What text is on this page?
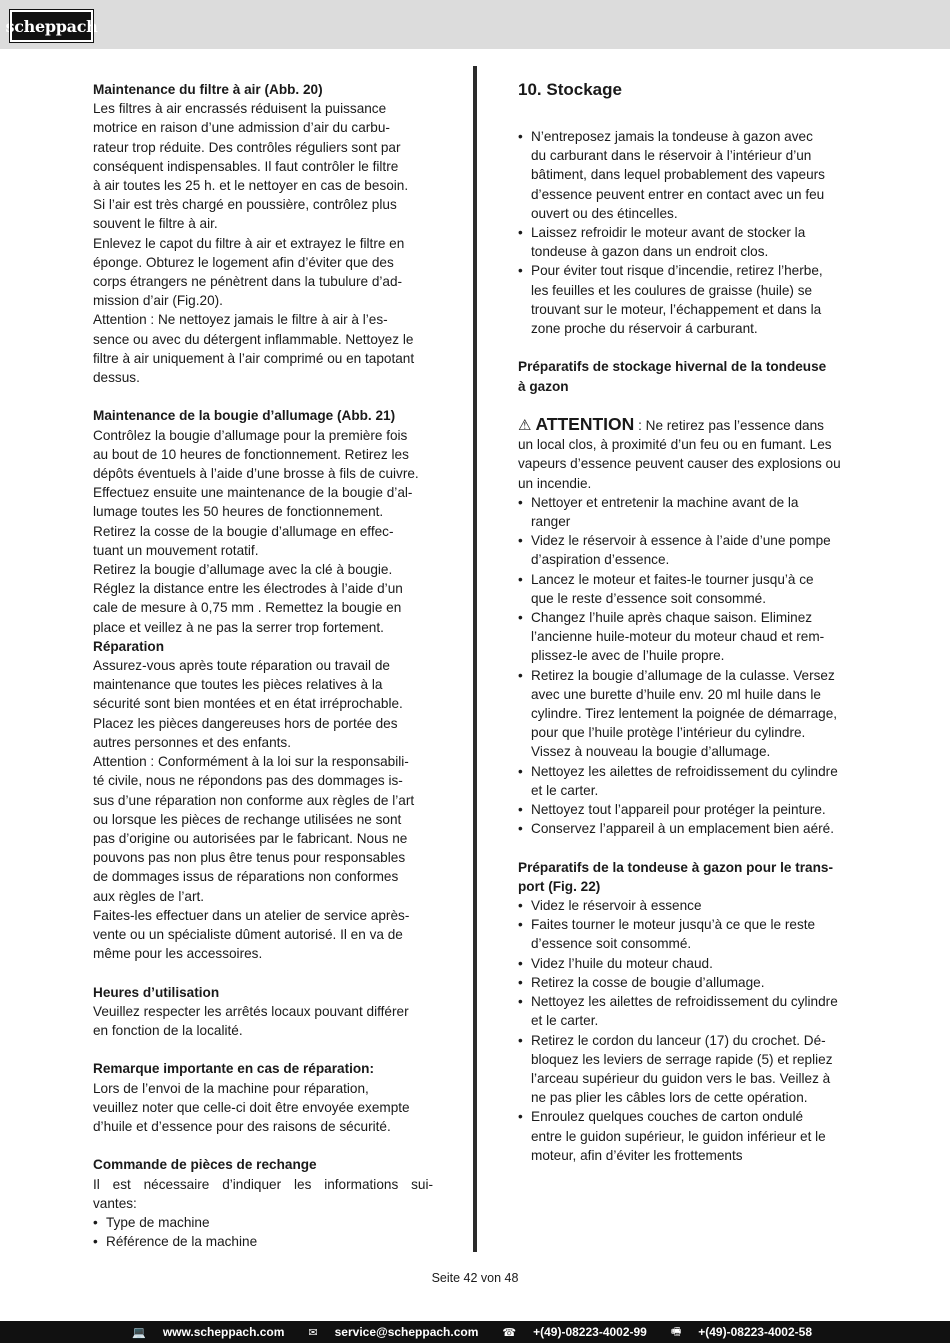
scheppach
Maintenance du filtre à air (Abb. 20)
Les filtres à air encrassés réduisent la puissance
motrice en raison d’une admission d’air du carbu-
rateur trop réduite. Des contrôles réguliers sont par
conséquent indispensables. Il faut contrôler le filtre
à air toutes les 25 h. et le nettoyer en cas de besoin.
Si l’air est très chargé en poussière, contrôlez plus
souvent le filtre à air.
Enlevez le capot du filtre à air et extrayez le filtre en
éponge. Obturez le logement afin d’éviter que des
corps étrangers ne pénètrent dans la tubulure d’ad-
mission d’air (Fig.20).
Attention : Ne nettoyez jamais le filtre à air à l’es-
sence ou avec du détergent inflammable. Nettoyez le
filtre à air uniquement à l’air comprimé ou en tapotant
dessus.
Maintenance de la bougie d’allumage (Abb. 21)
Contrôlez la bougie d’allumage pour la première fois
au bout de 10 heures de fonctionnement. Retirez les
dépôts éventuels à l’aide d’une brosse à fils de cuivre.
Effectuez ensuite une maintenance de la bougie d’al-
lumage toutes les 50 heures de fonctionnement.
Retirez la cosse de la bougie d’allumage en effec-
tuant un mouvement rotatif.
Retirez la bougie d’allumage avec la clé à bougie.
Réglez la distance entre les électrodes à l’aide d’un
cale de mesure à 0,75 mm . Remettez la bougie en
place et veillez à ne pas la serrer trop fortement.
Réparation
Assurez-vous après toute réparation ou travail de
maintenance que toutes les pièces relatives à la
sécurité sont bien montées et en état irréprochable.
Placez les pièces dangereuses hors de portée des
autres personnes et des enfants.
Attention : Conformément à la loi sur la responsabili-
té civile, nous ne répondons pas des dommages is-
sus d’une réparation non conforme aux règles de l’art
ou lorsque les pièces de rechange utilisées ne sont
pas d’origine ou autorisées par le fabricant. Nous ne
pouvons pas non plus être tenus pour responsables
de dommages issus de réparations non conformes
aux règles de l’art.
Faites-les effectuer dans un atelier de service après-
vente ou un spécialiste dûment autorisé. Il en va de
même pour les accessoires.
Heures d’utilisation
Veuillez respecter les arrêtés locaux pouvant différer
en fonction de la localité.
Remarque importante en cas de réparation:
Lors de l’envoi de la machine pour réparation,
veuillez noter que celle-ci doit être envoyée exempte
d’huile et d’essence pour des raisons de sécurité.
Commande de pièces de rechange
Il est nécessaire d’indiquer les informations sui-
vantes:
• Type de machine
• Référence de la machine
10. Stockage
• N’entreposez jamais la tondeuse à gazon avec
du carburant dans le réservoir à l’intérieur d’un
bâtiment, dans lequel probablement des vapeurs
d’essence peuvent entrer en contact avec un feu
ouvert ou des étincelles.
• Laissez refroidir le moteur avant de stocker la
tondeuse à gazon dans un endroit clos.
• Pour éviter tout risque d’incendie, retirez l’herbe,
les feuilles et les coulures de graisse (huile) se
trouvant sur le moteur, l’échappement et dans la
zone proche du réservoir á carburant.
Préparatifs de stockage hivernal de la tondeuse
à gazon
⚠ ATTENTION : Ne retirez pas l’essence dans
un local clos, à proximité d’un feu ou en fumant. Les
vapeurs d’essence peuvent causer des explosions ou
un incendie.
• Nettoyer et entretenir la machine avant de la
ranger
• Videz le réservoir à essence à l’aide d’une pompe
d’aspiration d’essence.
• Lancez le moteur et faites-le tourner jusqu’à ce
que le reste d’essence soit consommé.
• Changez l’huile après chaque saison. Eliminez
l’ancienne huile-moteur du moteur chaud et rem-
plissez-le avec de l’huile propre.
• Retirez la bougie d’allumage de la culasse. Versez
avec une burette d’huile env. 20 ml huile dans le
cylindre. Tirez lentement la poignée de démarrage,
pour que l’huile protège l’intérieur du cylindre.
Vissez à nouveau la bougie d’allumage.
• Nettoyez les ailettes de refroidissement du cylindre
et le carter.
• Nettoyez tout l’appareil pour protéger la peinture.
• Conservez l’appareil à un emplacement bien aéré.
Préparatifs de la tondeuse à gazon pour le trans-
port (Fig. 22)
• Videz le réservoir à essence
• Faites tourner le moteur jusqu’à ce que le reste
d’essence soit consommé.
• Videz l’huile du moteur chaud.
• Retirez la cosse de bougie d’allumage.
• Nettoyez les ailettes de refroidissement du cylindre
et le carter.
• Retirez le cordon du lanceur (17) du crochet. Dé-
bloquez les leviers de serrage rapide (5) et repliez
l’arceau supérieur du guidon vers le bas. Veillez à
ne pas plier les câbles lors de cette opération.
• Enroulez quelques couches de carton ondulé
entre le guidon supérieur, le guidon inférieur et le
moteur, afin d’éviter les frottements
Seite 42 von 48
💻 www.scheppach.com ✉ service@scheppach.com ☎ +(49)-08223-4002-99 🖷 +(49)-08223-4002-58
